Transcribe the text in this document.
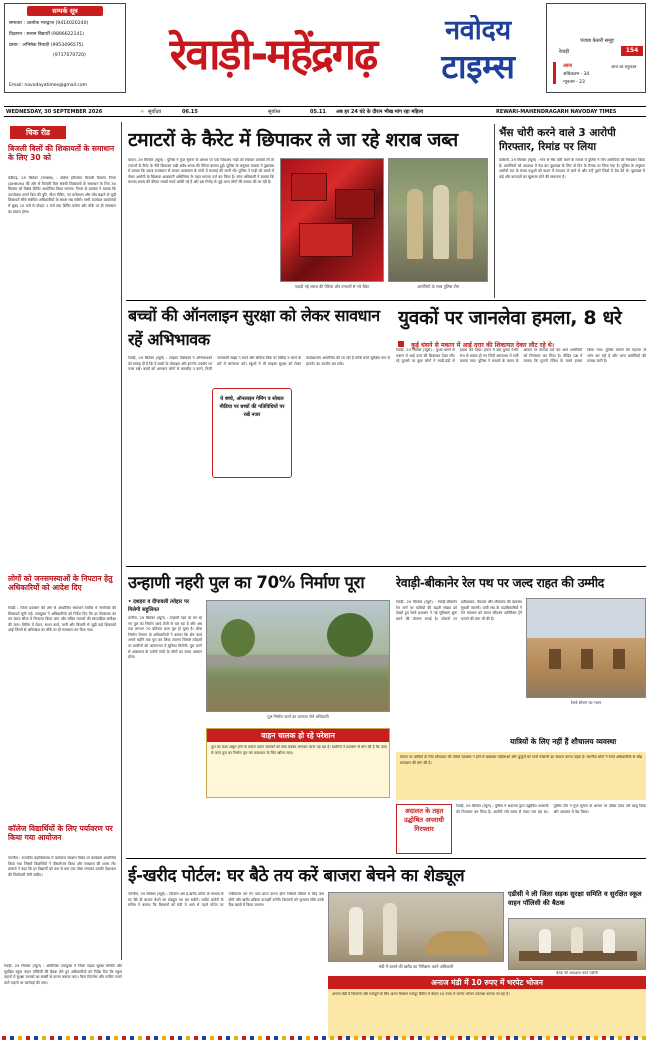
सम्पर्क सूत्र
समाचार : आलोक भारद्वाज (9414020240)
विज्ञापन : सत्यम विद्यार्थी (9896622141)
प्रसार : अभिषेक त्रिपाठी (9953496575)
(9717070720)
Email: navodayatimes@gmail.com
रेवाड़ी-महेंद्रगढ़	नवोदय
टाइम्स
पंजाब केसरी समूह
रेवाड़ी	154
आज
अधिकतम - 34
न्यूनतम - 23
आज का राहुकाल
WEDNESDAY, 30 SEPTEMBER 2026	☀ सूर्योदय	06.15	सूर्यास्त	05.11 अब हर 24 घंटे के दौरान भीख मांग रहा महिला	REWARI-MAHENDRAGARH NAVODAY TIMES
चिक रीड
बिजली बिलों की शिकायतों के समाधान के लिए 30 को
चंडीगढ़, 29 सितंबर (जगन्नाथ) : दक्षिण हरियाणा बिजली वितरण निगम (DHBVN) की ओर से बिजली बिल संबंधी शिकायतों के समाधान के लिए 30 सितंबर को विशेष शिविर आयोजित किया जाएगा। निगम के प्रवक्ता ने बताया कि उपभोक्ता अपने बिल की त्रुटि, मीटर रीडिंग, नए कनेक्शन और लोड बढ़ाने से जुड़ी शिकायतें सीधे संबंधित अधिकारियों के समक्ष रख सकेंगे। सभी उपमंडल कार्यालयों में सुबह 10 बजे से दोपहर 1 बजे तक शिविर चलेगा और मौके पर ही समाधान का प्रयास होगा।
लोगों को जनसमस्याओं के निपटान हेतु अधिकारियों को आदेश दिए
रेवाड़ी : जिला प्रशासन की ओर से आयोजित समाधान शिविर में नागरिकों की शिकायतें सुनी गईं। उपायुक्त ने अधिकारियों को निर्देश दिए कि हर शिकायत का तय समय सीमा में निपटारा किया जाए और लंबित मामलों की साप्ताहिक समीक्षा की जाए। शिविर में पेंशन, राशन कार्ड, पानी और बिजली से जुड़ी कई शिकायतें आईं जिनमें से अधिकांश का मौके पर ही समाधान कर दिया गया।
कॉलेज विद्यार्थियों के लिए पर्यावरण पर किया गया आयोजन
नारनौल : राजकीय महाविद्यालय में पर्यावरण संरक्षण विषय पर कार्यक्रम आयोजित किया गया जिसमें विद्यार्थियों ने पौधारोपण किया और स्वच्छता की शपथ ली। प्राचार्य ने कहा कि हर विद्यार्थी को कम से कम एक पौधा लगाकर उसकी देखभाल की जिम्मेदारी लेनी चाहिए।
टमाटरों के कैरेट में छिपाकर ले जा रहे शराब जब्त
बावल, 29 सितंबर (ब्यूरो) : पुलिस ने गुप्त सूचना के आधार पर एक पिकअप गाड़ी को रोककर तलाशी ली तो टमाटरों के कैरेट के नीचे छिपाकर रखी अवैध शराब की पेटियां बरामद हुईं। पुलिस के अनुसार चालक ने पूछताछ में बताया कि शराब राजस्थान से लाकर आसपास के गांवों में सप्लाई की जानी थी। पुलिस ने गाड़ी को कब्जे में लेकर आरोपी के खिलाफ आबकारी अधिनियम के तहत मामला दर्ज कर लिया है। जांच अधिकारी ने बताया कि बरामद शराब की कीमत लाखों रुपये आंकी गई है और इस गिरोह से जुड़े अन्य लोगों की तलाश की जा रही है।
पकड़ी गई शराब की पेटियां और टमाटरों से भरे कैरेट	आरोपियों के साथ पुलिस टीम
भैंस चोरी करने वाले 3 आरोपी गिरफ्तार, रिमांड पर लिया
कोसली, 29 सितंबर (ब्यूरो) : गांव से भैंस चोरी करने के मामले में पुलिस ने तीन आरोपियों को गिरफ्तार किया है। आरोपियों को अदालत में पेश कर पूछताछ के लिए दो दिन के रिमांड पर लिया गया है। पुलिस के अनुसार आरोपी रात के समय पशुओं को वाहन में लादकर ले जाते थे और उन्हें दूसरे जिलों में बेच देते थे। पूछताछ में कई और वारदातों का खुलासा होने की संभावना है।
बच्चों की ऑनलाइन सुरक्षा को लेकर सावधान रहें अभिभावक
रेवाड़ी, 29 सितंबर (ब्यूरो) : साइबर विशेषज्ञों ने अभिभावकों को सलाह दी है कि वे बच्चों के मोबाइल और इंटरनेट उपयोग पर नजर रखें। बच्चों को अनजान लोगों से बातचीत न करने, निजी जानकारी साझा न करने और संदिग्ध लिंक पर क्लिक न करने के बारे में जागरूक करें। स्कूलों में भी साइबर सुरक्षा को लेकर कार्यशालाएं आयोजित की जा रही हैं ताकि बच्चे सुरक्षित रूप से इंटरनेट का उपयोग कर सकें।
ये बच्चे, ऑनलाइन गेमिंग व सोशल मीडिया पर बच्चों की गतिविधियों पर रखें नजर
युवकों पर जानलेवा हमला, 8 धरे
कुई धंसने से मकान में आई दरार की शिकायत देकर लौट रहे थे।
रेवाड़ी, 29 सितंबर (ब्यूरो) : कुआं धंसने से मकान में आई दरार की शिकायत देकर लौट रहे युवकों पर कुछ लोगों ने लाठी-डंडों से हमला कर दिया। हमले में कई युवक गंभीर रूप से घायल हो गए जिन्हें अस्पताल में भर्ती कराया गया। पुलिस ने घायलों के बयान के आधार पर मामला दर्ज कर आठ आरोपियों को गिरफ्तार कर लिया है। पीड़ित पक्ष ने बताया कि पुरानी रंजिश के चलते हमला किया गया। पुलिस मामले की गहनता से जांच कर रही है और अन्य आरोपियों की तलाश जारी है।
उन्हाणी नहरी पुल का 70% निर्माण पूरा
• दशहरा व दीपावली त्योहार पर मिलेगी सहूलियत
कनीना, 29 सितंबर (ब्यूरो) : उन्हाणी नहर पर बन रहे नए पुल का निर्माण कार्य तेजी से चल रहा है और अब तक लगभग 70 प्रतिशत काम पूरा हो चुका है। लोक निर्माण विभाग के अधिकारियों ने बताया कि शेष कार्य अगले महीने तक पूरा कर लिया जाएगा जिससे त्योहारों पर ग्रामीणों को आवागमन में सुविधा मिलेगी। पुल बनने से आसपास के दर्जनों गांवों के लोगों का सफर आसान होगा।
पुल निर्माण कार्य का जायजा लेते अधिकारी
वाहन चालक हो रहे परेशान
पुल का काम अधूरा होने के कारण वाहन चालकों को लंबा चक्कर लगाकर जाना पड़ रहा है। ग्रामीणों ने प्रशासन से मांग की है कि जल्द से जल्द पुल का निर्माण पूरा कर यातायात के लिए खोला जाए।
रेवाड़ी-बीकानेर रेल पथ पर जल्द राहत की उम्मीद
रेवाड़ी, 29 सितंबर (ब्यूरो) : रेवाड़ी-बीकानेर रेल मार्ग पर यात्रियों की बढ़ती संख्या को देखते हुए रेलवे प्रशासन ने नई सुविधाएं शुरू करने की योजना बनाई है। स्टेशनों पर प्रतीक्षालय, पेयजल और शौचालय की व्यवस्था सुधारी जाएगी। यात्री संघ के पदाधिकारियों ने रेल मंत्रालय को ज्ञापन सौंपकर अतिरिक्त ट्रेनें चलाने की मांग भी की है।
रेलवे स्टेशन का भवन
यात्रियों के लिए नहीं हैं शौचालय व्यवस्था
स्टेशन पर यात्रियों के लिए शौचालय की उचित व्यवस्था न होने से खासकर महिलाओं और बुजुर्गों को भारी परेशानी का सामना करना पड़ता है। स्थानीय लोगों ने रेलवे अधिकारियों से शीघ्र समाधान की मांग की है।
अदालत के तहत उद्घोषित अपराधी गिरफ्तार
रेवाड़ी, 29 सितंबर (ब्यूरो) : पुलिस ने अदालत द्वारा उद्घोषित अपराधी को गिरफ्तार कर लिया है। आरोपी लंबे समय से फरार चल रहा था। पुलिस टीम ने गुप्त सूचना के आधार पर दबिश देकर उसे काबू किया और अदालत में पेश किया।
ई-खरीद पोर्टल: घर बैठे तय करें बाजरा बेचने का शेड्यूल
नारनौल, 29 सितंबर (ब्यूरो) : किसान अब ई-खरीद पोर्टल के माध्यम से घर बैठे ही बाजरा बेचने का शेड्यूल तय कर सकेंगे। मार्केट कमेटी के सचिव ने बताया कि किसानों को मंडी में आने से पहले पोर्टल पर पंजीकरण कर गेट पास प्राप्त करना होगा जिससे मंडियों में भीड़ कम होगी और खरीद प्रक्रिया पारदर्शी बनेगी। किसानों को भुगतान सीधे उनके बैंक खातों में किया जाएगा।
मंडी में बाजरे की खरीद का निरीक्षण करते अधिकारी
अनाज मंडी में 10 रुपए में भरपेट भोजन
अनाज मंडी में किसानों और मजदूरों के लिए अटल किसान मजदूर कैंटीन में केवल 10 रुपए में भरपेट भोजन उपलब्ध कराया जा रहा है।
एडीसी ने ली जिला सड़क सुरक्षा समिति व सुरक्षित स्कूल वाहन पॉलिसी की बैठक
बैठक की अध्यक्षता करते एडीसी
रेवाड़ी, 29 सितंबर (ब्यूरो) : अतिरिक्त उपायुक्त ने जिला सड़क सुरक्षा समिति और सुरक्षित स्कूल वाहन पॉलिसी की बैठक लेते हुए अधिकारियों को निर्देश दिए कि स्कूल वाहनों में सुरक्षा मानकों का सख्ती से पालन कराया जाए। बिना फिटनेस और परमिट चलने वाले वाहनों पर कार्रवाई की जाए।
